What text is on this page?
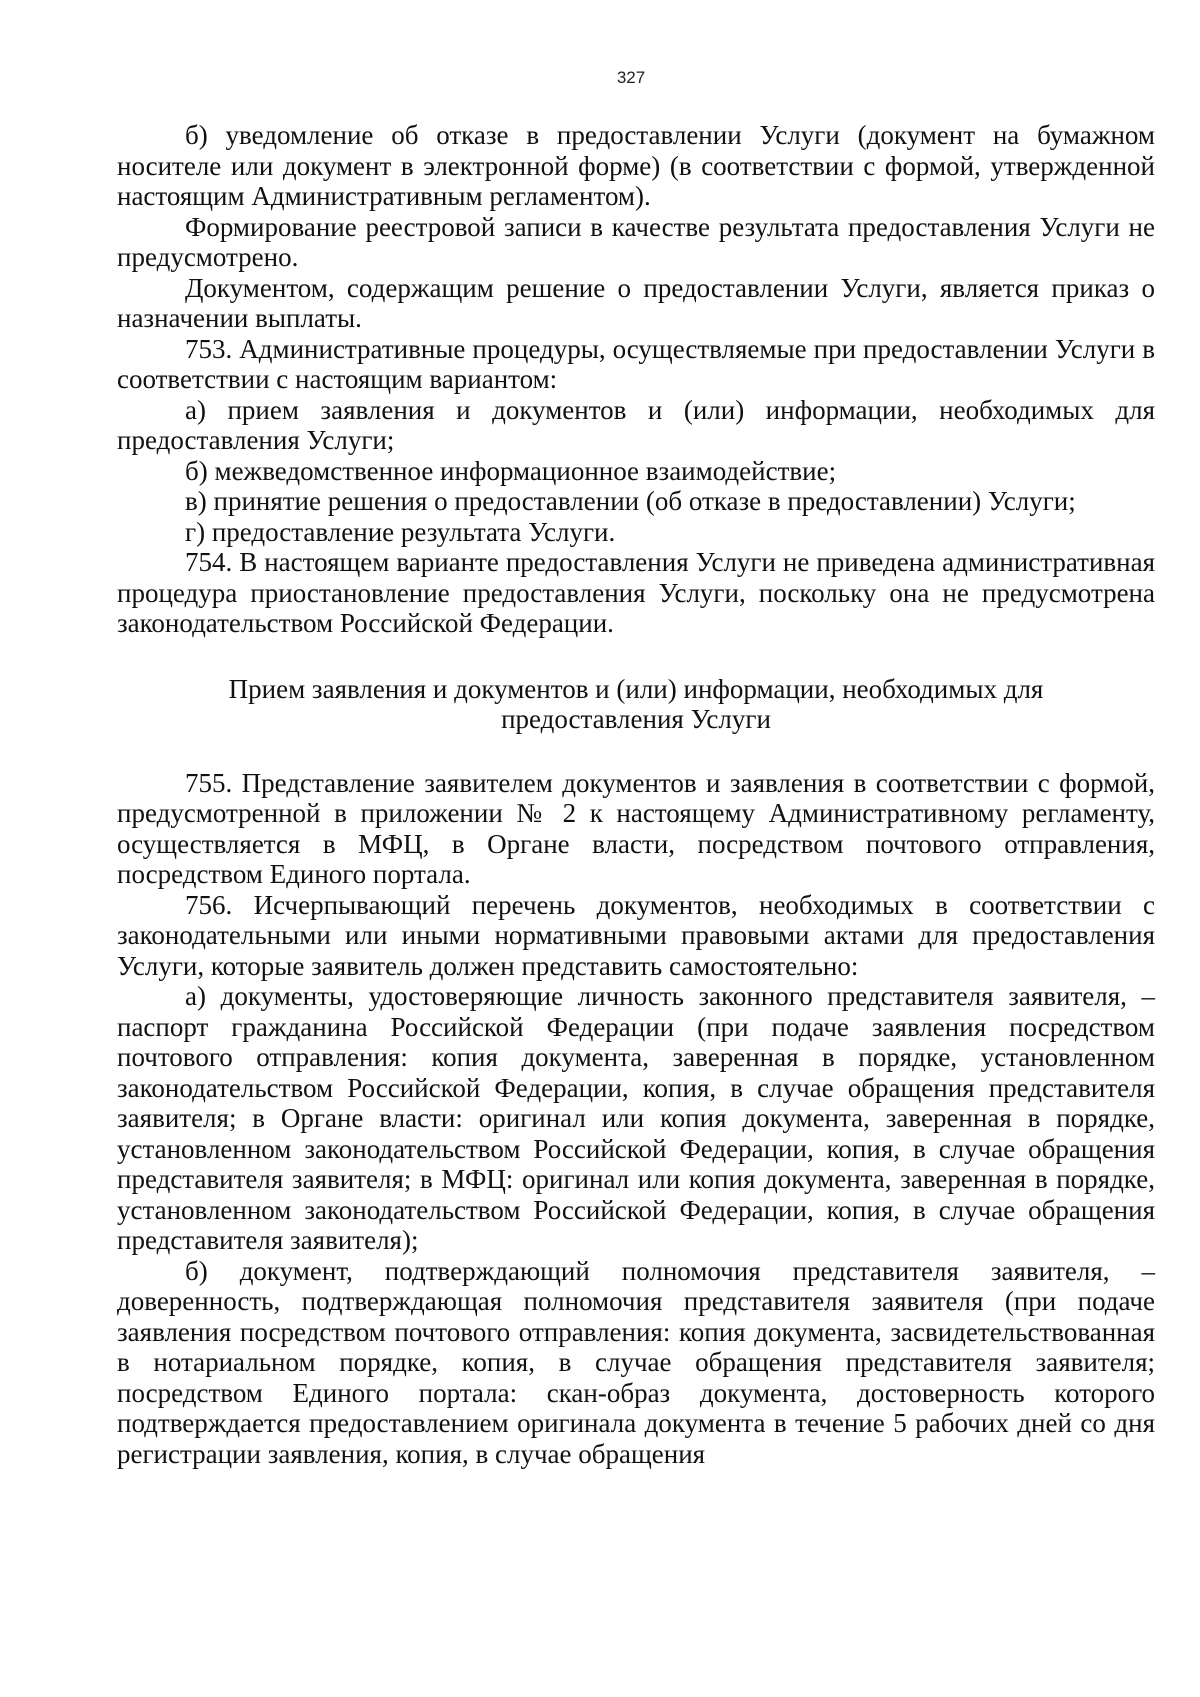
327

б) уведомление об отказе в предоставлении Услуги (документ на бумажном носителе или документ в электронной форме) (в соответствии с формой, утвержденной настоящим Административным регламентом).

Формирование реестровой записи в качестве результата предоставления Услуги не предусмотрено.

Документом, содержащим решение о предоставлении Услуги, является приказ о назначении выплаты.

753. Административные процедуры, осуществляемые при предоставлении Услуги в соответствии с настоящим вариантом:

а) прием заявления и документов и (или) информации, необходимых для предоставления Услуги;

б) межведомственное информационное взаимодействие;

в) принятие решения о предоставлении (об отказе в предоставлении) Услуги;

г) предоставление результата Услуги.

754. В настоящем варианте предоставления Услуги не приведена административная процедура приостановление предоставления Услуги, поскольку она не предусмотрена законодательством Российской Федерации.

Прием заявления и документов и (или) информации, необходимых для предоставления Услуги

755. Представление заявителем документов и заявления в соответствии с формой, предусмотренной в приложении № 2 к настоящему Административному регламенту, осуществляется в МФЦ, в Органе власти, посредством почтового отправления, посредством Единого портала.

756. Исчерпывающий перечень документов, необходимых в соответствии с законодательными или иными нормативными правовыми актами для предоставления Услуги, которые заявитель должен представить самостоятельно:

а) документы, удостоверяющие личность законного представителя заявителя, – паспорт гражданина Российской Федерации (при подаче заявления посредством почтового отправления: копия документа, заверенная в порядке, установленном законодательством Российской Федерации, копия, в случае обращения представителя заявителя; в Органе власти: оригинал или копия документа, заверенная в порядке, установленном законодательством Российской Федерации, копия, в случае обращения представителя заявителя; в МФЦ: оригинал или копия документа, заверенная в порядке, установленном законодательством Российской Федерации, копия, в случае обращения представителя заявителя);

б) документ, подтверждающий полномочия представителя заявителя, – доверенность, подтверждающая полномочия представителя заявителя (при подаче заявления посредством почтового отправления: копия документа, засвидетельствованная в нотариальном порядке, копия, в случае обращения представителя заявителя; посредством Единого портала: скан-образ документа, достоверность которого подтверждается предоставлением оригинала документа в течение 5 рабочих дней со дня регистрации заявления, копия, в случае обращения
